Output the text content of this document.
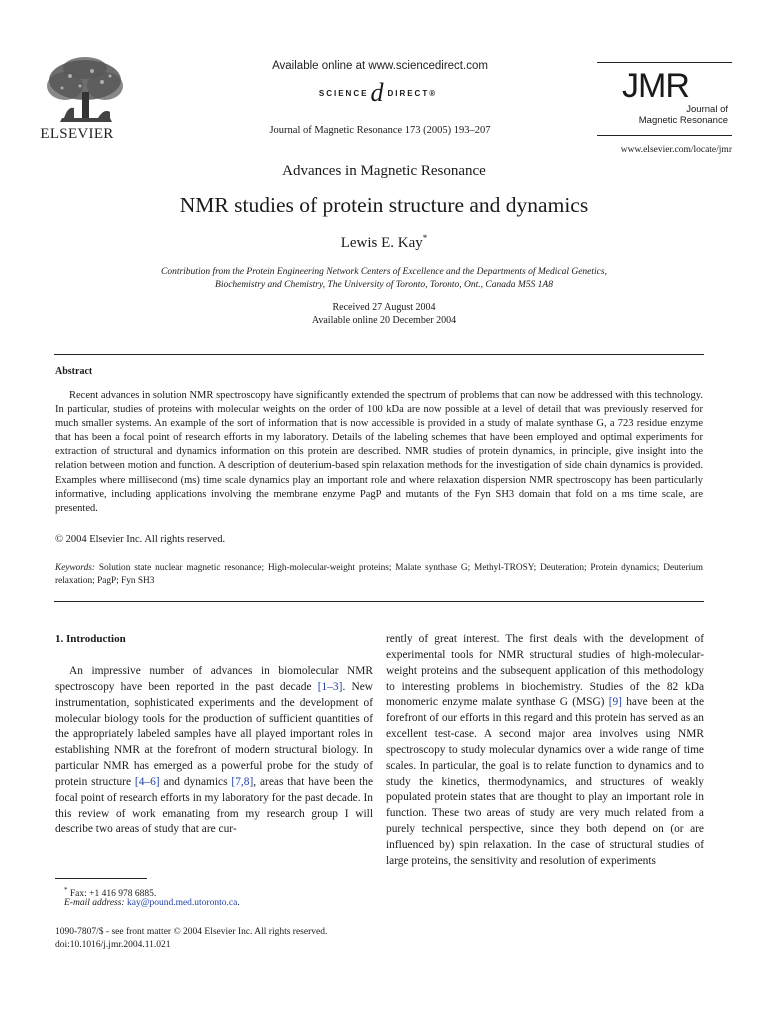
ELSEVIER
Available online at www.sciencedirect.com
SCIENCE d DIRECT®
Journal of Magnetic Resonance 173 (2005) 193–207
JMR
Journal of
Magnetic Resonance
www.elsevier.com/locate/jmr
Advances in Magnetic Resonance
NMR studies of protein structure and dynamics
Lewis E. Kay*
Contribution from the Protein Engineering Network Centers of Excellence and the Departments of Medical Genetics,
Biochemistry and Chemistry, The University of Toronto, Toronto, Ont., Canada M5S 1A8
Received 27 August 2004
Available online 20 December 2004
Abstract

Recent advances in solution NMR spectroscopy have significantly extended the spectrum of problems that can now be addressed with this technology. In particular, studies of proteins with molecular weights on the order of 100 kDa are now possible at a level of detail that was previously reserved for much smaller systems. An example of the sort of information that is now accessible is provided in a study of malate synthase G, a 723 residue enzyme that has been a focal point of research efforts in my laboratory. Details of the labeling schemes that have been employed and optimal experiments for extraction of structural and dynamics information on this protein are described. NMR studies of protein dynamics, in principle, give insight into the relation between motion and function. A description of deuterium-based spin relaxation methods for the investigation of side chain dynamics is provided. Examples where millisecond (ms) time scale dynamics play an important role and where relaxation dispersion NMR spectroscopy has been particularly informative, including applications involving the membrane enzyme PagP and mutants of the Fyn SH3 domain that fold on a ms time scale, are presented.

© 2004 Elsevier Inc. All rights reserved.

Keywords: Solution state nuclear magnetic resonance; High-molecular-weight proteins; Malate synthase G; Methyl-TROSY; Deuteration; Protein dynamics; Deuterium relaxation; PagP; Fyn SH3

1. Introduction

An impressive number of advances in biomolecular NMR spectroscopy have been reported in the past decade [1–3]. New instrumentation, sophisticated experiments and the development of molecular biology tools for the production of sufficient quantities of the appropriately labeled samples have all played important roles in establishing NMR at the forefront of modern structural biology. In particular NMR has emerged as a powerful probe for the study of protein structure [4–6] and dynamics [7,8], areas that have been the focal point of research efforts in my laboratory for the past decade. In this review of work emanating from my research group I will describe two areas of study that are cur-

rently of great interest. The first deals with the development of experimental tools for NMR structural studies of high-molecular-weight proteins and the subsequent application of this methodology to interesting problems in biochemistry. Studies of the 82 kDa monomeric enzyme malate synthase G (MSG) [9] have been at the forefront of our efforts in this regard and this protein has served as an excellent test-case. A second major area involves using NMR spectroscopy to study molecular dynamics over a wide range of time scales. In particular, the goal is to relate function to dynamics and to study the kinetics, thermodynamics, and structures of weakly populated protein states that are thought to play an important role in function. These two areas of study are very much related from a purely technical perspective, since they both depend on (or are influenced by) spin relaxation. In the case of structural studies of large proteins, the sensitivity and resolution of experiments

* Fax: +1 416 978 6885.
E-mail address: kay@pound.med.utoronto.ca.
1090-7807/$ - see front matter © 2004 Elsevier Inc. All rights reserved.
doi:10.1016/j.jmr.2004.11.021
